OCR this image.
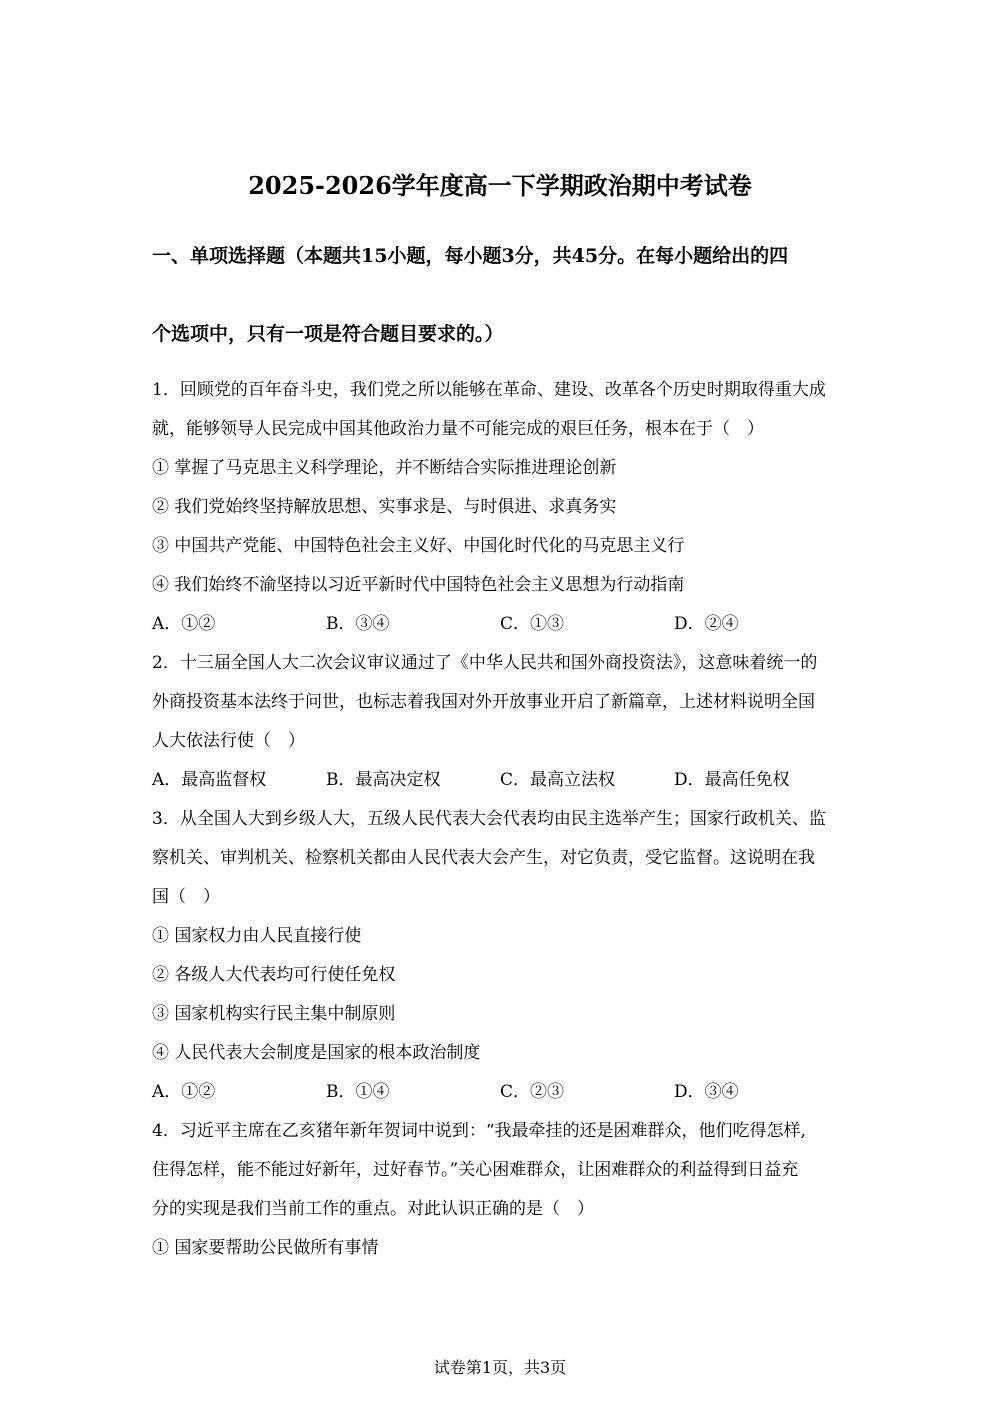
2025-2026学年度高一下学期政治期中考试卷
一、单项选择题（本题共15小题，每小题3分，共45分。在每小题给出的四
个选项中，只有一项是符合题目要求的。）
1．回顾党的百年奋斗史，我们党之所以能够在革命、建设、改革各个历史时期取得重大成
就，能够领导人民完成中国其他政治力量不可能完成的艰巨任务，根本在于（　）
① 掌握了马克思主义科学理论，并不断结合实际推进理论创新
② 我们党始终坚持解放思想、实事求是、与时俱进、求真务实
③ 中国共产党能、中国特色社会主义好、中国化时代化的马克思主义行
④ 我们始终不渝坚持以习近平新时代中国特色社会主义思想为行动指南
A．①②	B．③④	C．①③	D．②④
2．十三届全国人大二次会议审议通过了《中华人民共和国外商投资法》，这意味着统一的
外商投资基本法终于问世，也标志着我国对外开放事业开启了新篇章，上述材料说明全国
人大依法行使（　）
A．最高监督权	B．最高决定权	C．最高立法权	D．最高任免权
3．从全国人大到乡级人大，五级人民代表大会代表均由民主选举产生；国家行政机关、监
察机关、审判机关、检察机关都由人民代表大会产生，对它负责，受它监督。这说明在我
国（　）
① 国家权力由人民直接行使
② 各级人大代表均可行使任免权
③ 国家机构实行民主集中制原则
④ 人民代表大会制度是国家的根本政治制度
A．①②	B．①④	C．②③	D．③④
4．习近平主席在乙亥猪年新年贺词中说到：“我最牵挂的还是困难群众，他们吃得怎样,
住得怎样，能不能过好新年，过好春节。”关心困难群众，让困难群众的利益得到日益充
分的实现是我们当前工作的重点。对此认识正确的是（　）
① 国家要帮助公民做所有事情
试卷第1页，共3页
